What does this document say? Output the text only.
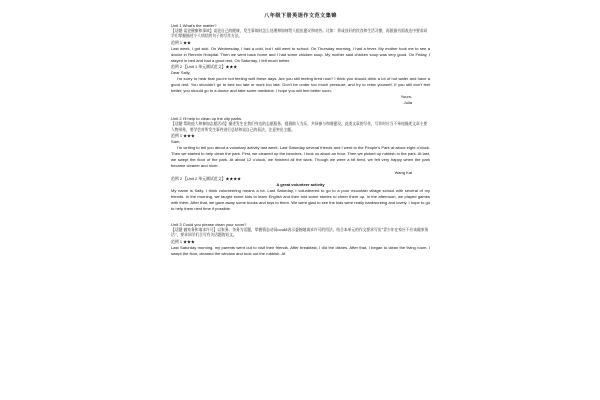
八年级下册英语作文范文集锦

Unit 1 What's the matter?

【话题·谈论健康和事故】谈论自己的健康，发生事故时怎么处理和如何给人提出建议和劝告。比如：养成良好的饮食和生活习惯，再根据书面表达中要求同学们掌握描述个人病状的句子的写作方法。

范例 1 ★★

Last week, I got sick. On Wednesday, I had a cold, but I still went to school. On Thursday morning, I had a fever. My mother took me to see a doctor in Renmin Hospital. Then we went back home and I had some chicken soup. My mother said chicken soup was very good. On Friday, I stayed in bed and had a good rest. On Saturday, I felt much better.

范例 2 【Unit 1 单元测试范文】★★★

Dear Sally,

I'm sorry to hear that you're not feeling well these days. Are you still feeling tired now? I think you should drink a lot of hot water and have a good rest. You shouldn't go to bed too late or work too late. Don't be under too much pressure, and try to relax yourself. If you still don't feel better, you should go to a doctor and take some medicine. I hope you will feel better soon.

Yours,

Julia

Unit 2 I'll help to clean up the city parks.

【话题·帮助他人和参加志愿活动】描述发生在我们身边的志愿服务，提倡助人为乐，共同参与和谐建设。此类文章的写作，写作时应当不单纯描述文章主要人物形象，要学会对所发生事件进行总结和谈自己的看法，注意突出主题。

范例 1 ★★★

Sam,

I'm writing to tell you about a voluntary activity last week. Last Saturday several friends and I went to the People's Park at about eight o'clock. Then we started to help clean the park. First, we cleaned up the benches. I took us about an hour. Then we picked up rubbish in the park. At last, we swept the floor of the park. At about 12 o'clock, we finished all the work. Though we were a bit tired, we felt very happy when the park became cleaner and nicer.

Wang Kai

范例 2 【Unit 2 单元测试范文】★★★★

A great volunteer activity

My name is Sally. I think volunteering means a lot. Last Saturday, I volunteered to go to a poor mountain village school with several of my friends. In the morning, we taught some kids to learn English and then told some stories to cheer them up. In the afternoon, we played games with them. After that, we gave away some books and toys to them. We were glad to see the kids were really hardworking and lovely. I hope to go to help them next time if possible.

Unit 3 Could you please clean your room?

【话题·做家务和请求许可】以家务、杂务为话题，掌握情态动词could表示委婉地请求许可的用法，结合本单元的作文要求写出“青少年在家应不应该做家务活”，要求同学们合写有关话题的短文。

范例 1 ★★★

Last Saturday morning, my parents went out to visit their friends. After breakfast, I did the dishes. After that, I began to clean the living room. I swept the floor, cleaned the window and took out the rubbish. At
